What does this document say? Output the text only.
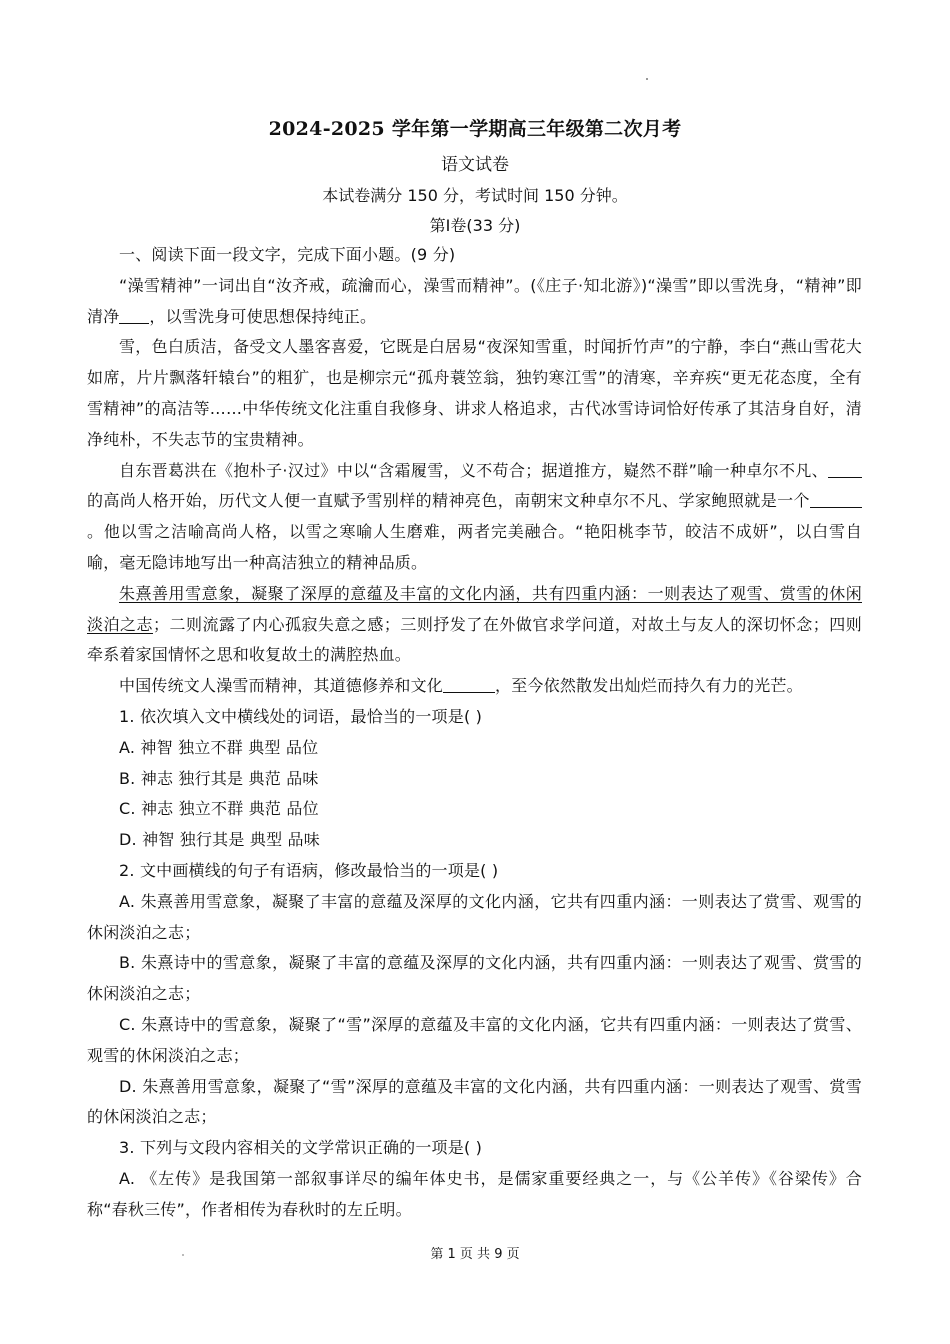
2024-2025 学年第一学期高三年级第二次月考
语文试卷
本试卷满分 150 分，考试时间 150 分钟。
第Ⅰ卷(33 分)

一、阅读下面一段文字，完成下面小题。(9 分)

“澡雪精神”一词出自“汝齐戒，疏瀹而心，澡雪而精神”。(《庄子·知北游》)“澡雪”即以雪洗身，“精神”即清净 ，以雪洗身可使思想保持纯正。

雪，色白质洁，备受文人墨客喜爱，它既是白居易“夜深知雪重，时闻折竹声”的宁静，李白“燕山雪花大如席，片片飘落轩辕台”的粗犷，也是柳宗元“孤舟蓑笠翁，独钓寒江雪”的清寒，辛弃疾“更无花态度，全有雪精神”的高洁等……中华传统文化注重自我修身、讲求人格追求，古代冰雪诗词恰好传承了其洁身自好，清净纯朴，不失志节的宝贵精神。

自东晋葛洪在《抱朴子·汉过》中以“含霜履雪，义不苟合；据道推方，嶷然不群”喻一种卓尔不凡、的高尚人格开始，历代文人便一直赋予雪别样的精神亮色，南朝宋文种卓尔不凡、学家鲍照就是一个。他以雪之洁喻高尚人格，以雪之寒喻人生磨难，两者完美融合。“艳阳桃李节，皎洁不成妍”，以白雪自喻，毫无隐讳地写出一种高洁独立的精神品质。

朱熹善用雪意象，凝聚了深厚的意蕴及丰富的文化内涵，共有四重内涵：一则表达了观雪、赏雪的休闲淡泊之志；二则流露了内心孤寂失意之感；三则抒发了在外做官求学问道，对故土与友人的深切怀念；四则牵系着家国情怀之思和收复故土的满腔热血。

中国传统文人澡雪而精神，其道德修养和文化	，至今依然散发出灿烂而持久有力的光芒。

1. 依次填入文中横线处的词语，最恰当的一项是( )

A. 神智 独立不群 典型 品位

B. 神志 独行其是 典范 品味

C. 神志 独立不群 典范 品位

D. 神智 独行其是 典型 品味

2. 文中画横线的句子有语病，修改最恰当的一项是( )

A. 朱熹善用雪意象，凝聚了丰富的意蕴及深厚的文化内涵，它共有四重内涵：一则表达了赏雪、观雪的休闲淡泊之志；

B. 朱熹诗中的雪意象，凝聚了丰富的意蕴及深厚的文化内涵，共有四重内涵：一则表达了观雪、赏雪的休闲淡泊之志；

C. 朱熹诗中的雪意象，凝聚了“雪”深厚的意蕴及丰富的文化内涵，它共有四重内涵：一则表达了赏雪、观雪的休闲淡泊之志；

D. 朱熹善用雪意象，凝聚了“雪”深厚的意蕴及丰富的文化内涵，共有四重内涵：一则表达了观雪、赏雪的休闲淡泊之志；

3. 下列与文段内容相关的文学常识正确的一项是( )

A. 《左传》是我国第一部叙事详尽的编年体史书，是儒家重要经典之一，与《公羊传》《谷梁传》合称“春秋三传”，作者相传为春秋时的左丘明。

第 1 页 共 9 页
